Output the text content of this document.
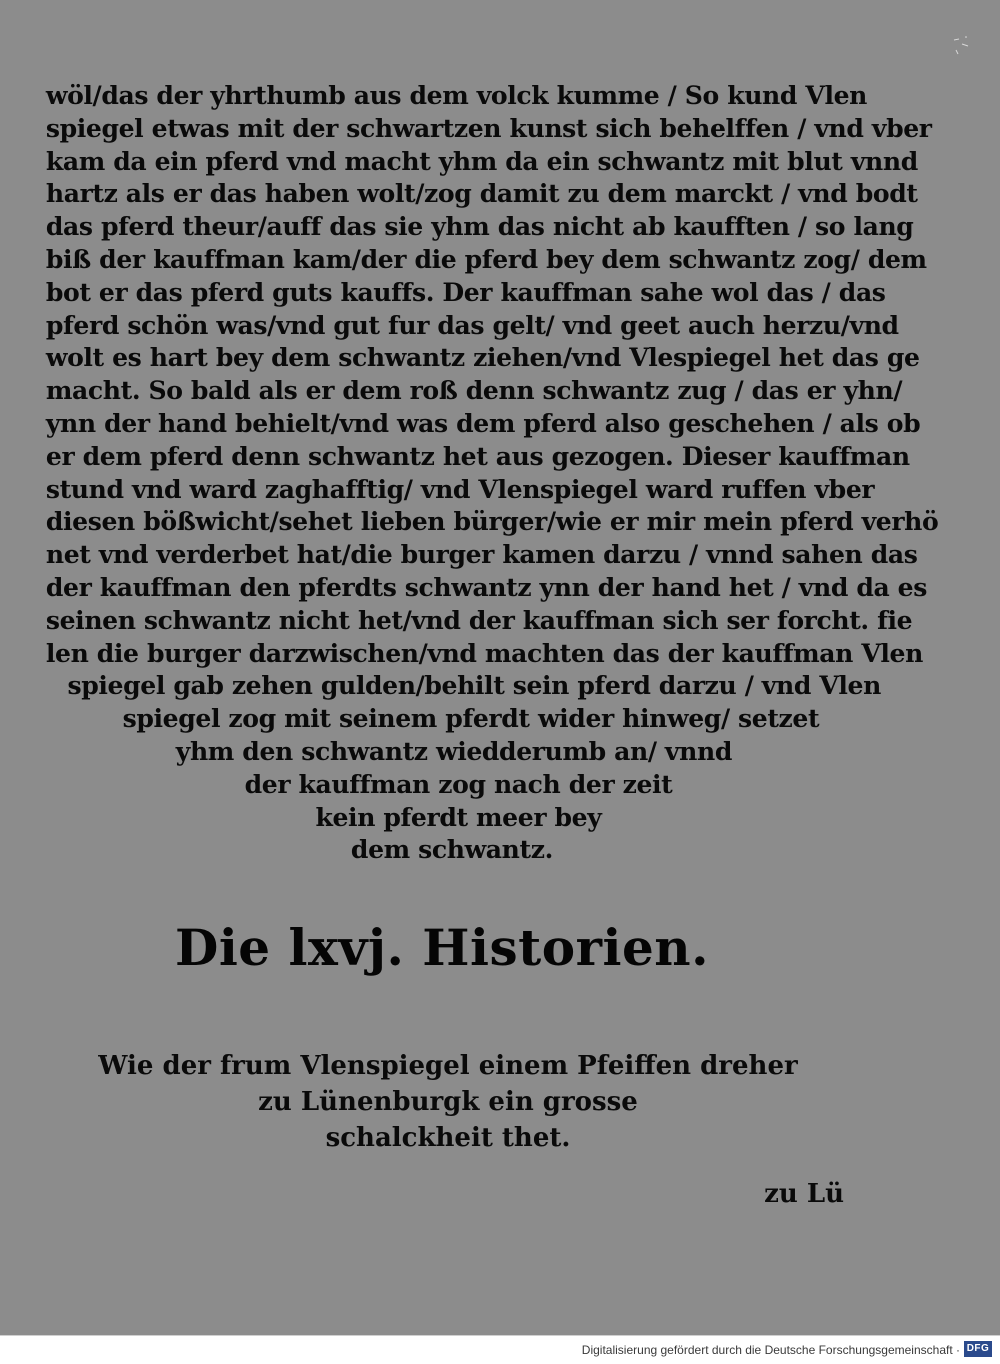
wöl/das der yhrthumb aus dem volck kumme / So kund Vlen
spiegel etwas mit der schwartzen kunst sich behelffen / vnd vber
kam da ein pferd vnd macht yhm da ein schwantz mit blut vnnd
hartz als er das haben wolt/zog damit zu dem marckt / vnd bodt
das pferd theur/auff das sie yhm das nicht ab kaufften / so lang
biß der kauffman kam/der die pferd bey dem schwantz zog/ dem
bot er das pferd guts kauffs. Der kauffman sahe wol das / das
pferd schön was/vnd gut fur das gelt/ vnd geet auch herzu/vnd
wolt es hart bey dem schwantz ziehen/vnd Vlespiegel het das ge
macht. So bald als er dem roß denn schwantz zug / das er yhn/
ynn der hand behielt/vnd was dem pferd also geschehen / als ob
er dem pferd denn schwantz het aus gezogen. Dieser kauffman
stund vnd ward zaghafftig/ vnd Vlenspiegel ward ruffen vber
diesen bößwicht/sehet lieben bürger/wie er mir mein pferd verhö
net vnd verderbet hat/die burger kamen darzu / vnnd sahen das
der kauffman den pferdts schwantz ynn der hand het / vnd da es
seinen schwantz nicht het/vnd der kauffman sich ser forcht. fie
len die burger darzwischen/vnd machten das der kauffman Vlen
spiegel gab zehen gulden/behilt sein pferd darzu / vnd Vlen
spiegel zog mit seinem pferdt wider hinweg/ setzet
yhm den schwantz wiedderumb an/ vnnd
der kauffman zog nach der zeit
kein pferdt meer bey
dem schwantz.
Die lxvj. Historien.
Wie der frum Vlenspiegel einem Pfeiffen dreher
zu Lünenburgk ein grosse
schalckheit thet.
zu Lü
Digitalisierung gefördert durch die Deutsche Forschungsgemeinschaft · DFG
